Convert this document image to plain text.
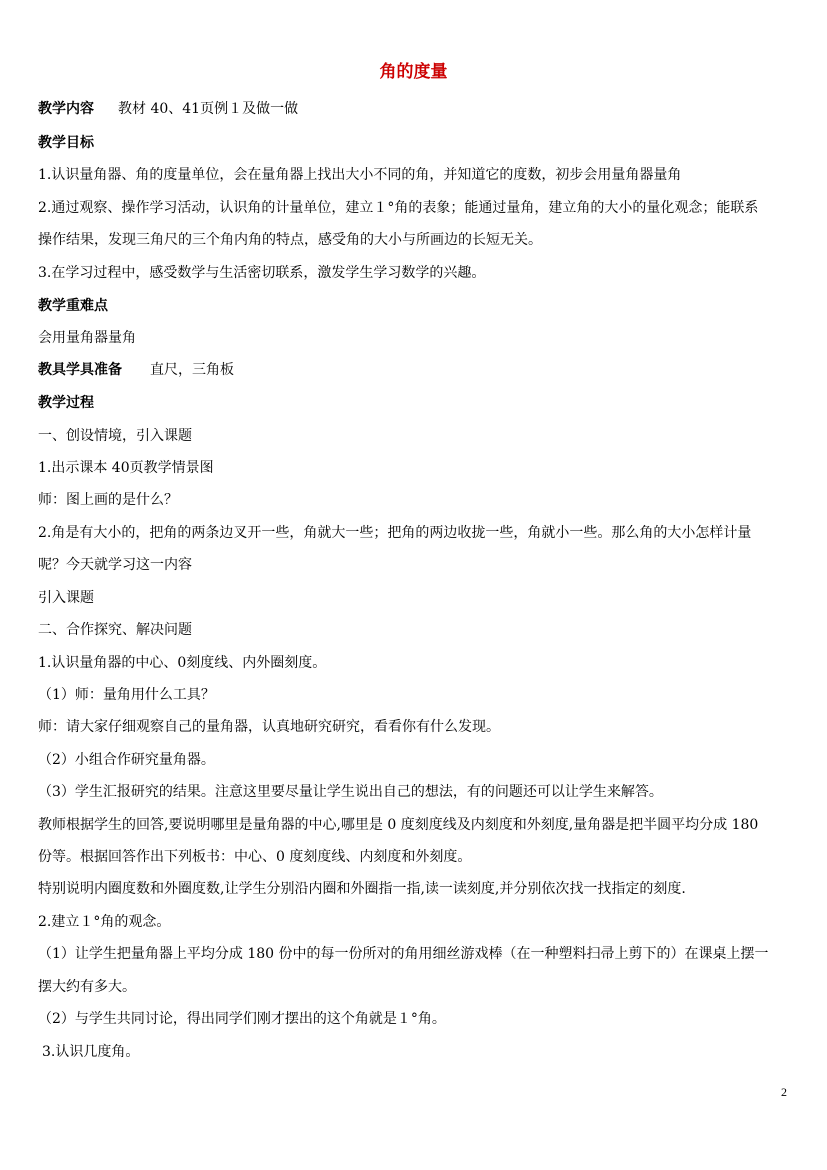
角的度量
教学内容 教材 40、41页例１及做一做
教学目标
1.认识量角器、角的度量单位，会在量角器上找出大小不同的角，并知道它的度数，初步会用量角器量角
2.通过观察、操作学习活动，认识角的计量单位，建立１°角的表象；能通过量角，建立角的大小的量化观念；能联系
操作结果，发现三角尺的三个角内角的特点，感受角的大小与所画边的长短无关。
3.在学习过程中，感受数学与生活密切联系，激发学生学习数学的兴趣。
教学重难点
会用量角器量角
教具学具准备 直尺，三角板
教学过程
一、创设情境，引入课题
1.出示课本 40页教学情景图
师：图上画的是什么？
2.角是有大小的，把角的两条边叉开一些，角就大一些；把角的两边收拢一些，角就小一些。那么角的大小怎样计量
呢？今天就学习这一内容
引入课题
二、合作探究、解决问题
1.认识量角器的中心、0刻度线、内外圈刻度。
（1）师：量角用什么工具？
师：请大家仔细观察自己的量角器，认真地研究研究，看看你有什么发现。
（2）小组合作研究量角器。
（3）学生汇报研究的结果。注意这里要尽量让学生说出自己的想法，有的问题还可以让学生来解答。
教师根据学生的回答,要说明哪里是量角器的中心,哪里是 0 度刻度线及内刻度和外刻度,量角器是把半圆平均分成 180
份等。根据回答作出下列板书：中心、0 度刻度线、内刻度和外刻度。
特别说明内圈度数和外圈度数,让学生分别沿内圈和外圈指一指,读一读刻度,并分别依次找一找指定的刻度.
2.建立１°角的观念。
（1）让学生把量角器上平均分成 180 份中的每一份所对的角用细丝游戏棒（在一种塑料扫帚上剪下的）在课桌上摆一
摆大约有多大。
（2）与学生共同讨论，得出同学们刚才摆出的这个角就是１°角。
3.认识几度角。
2
